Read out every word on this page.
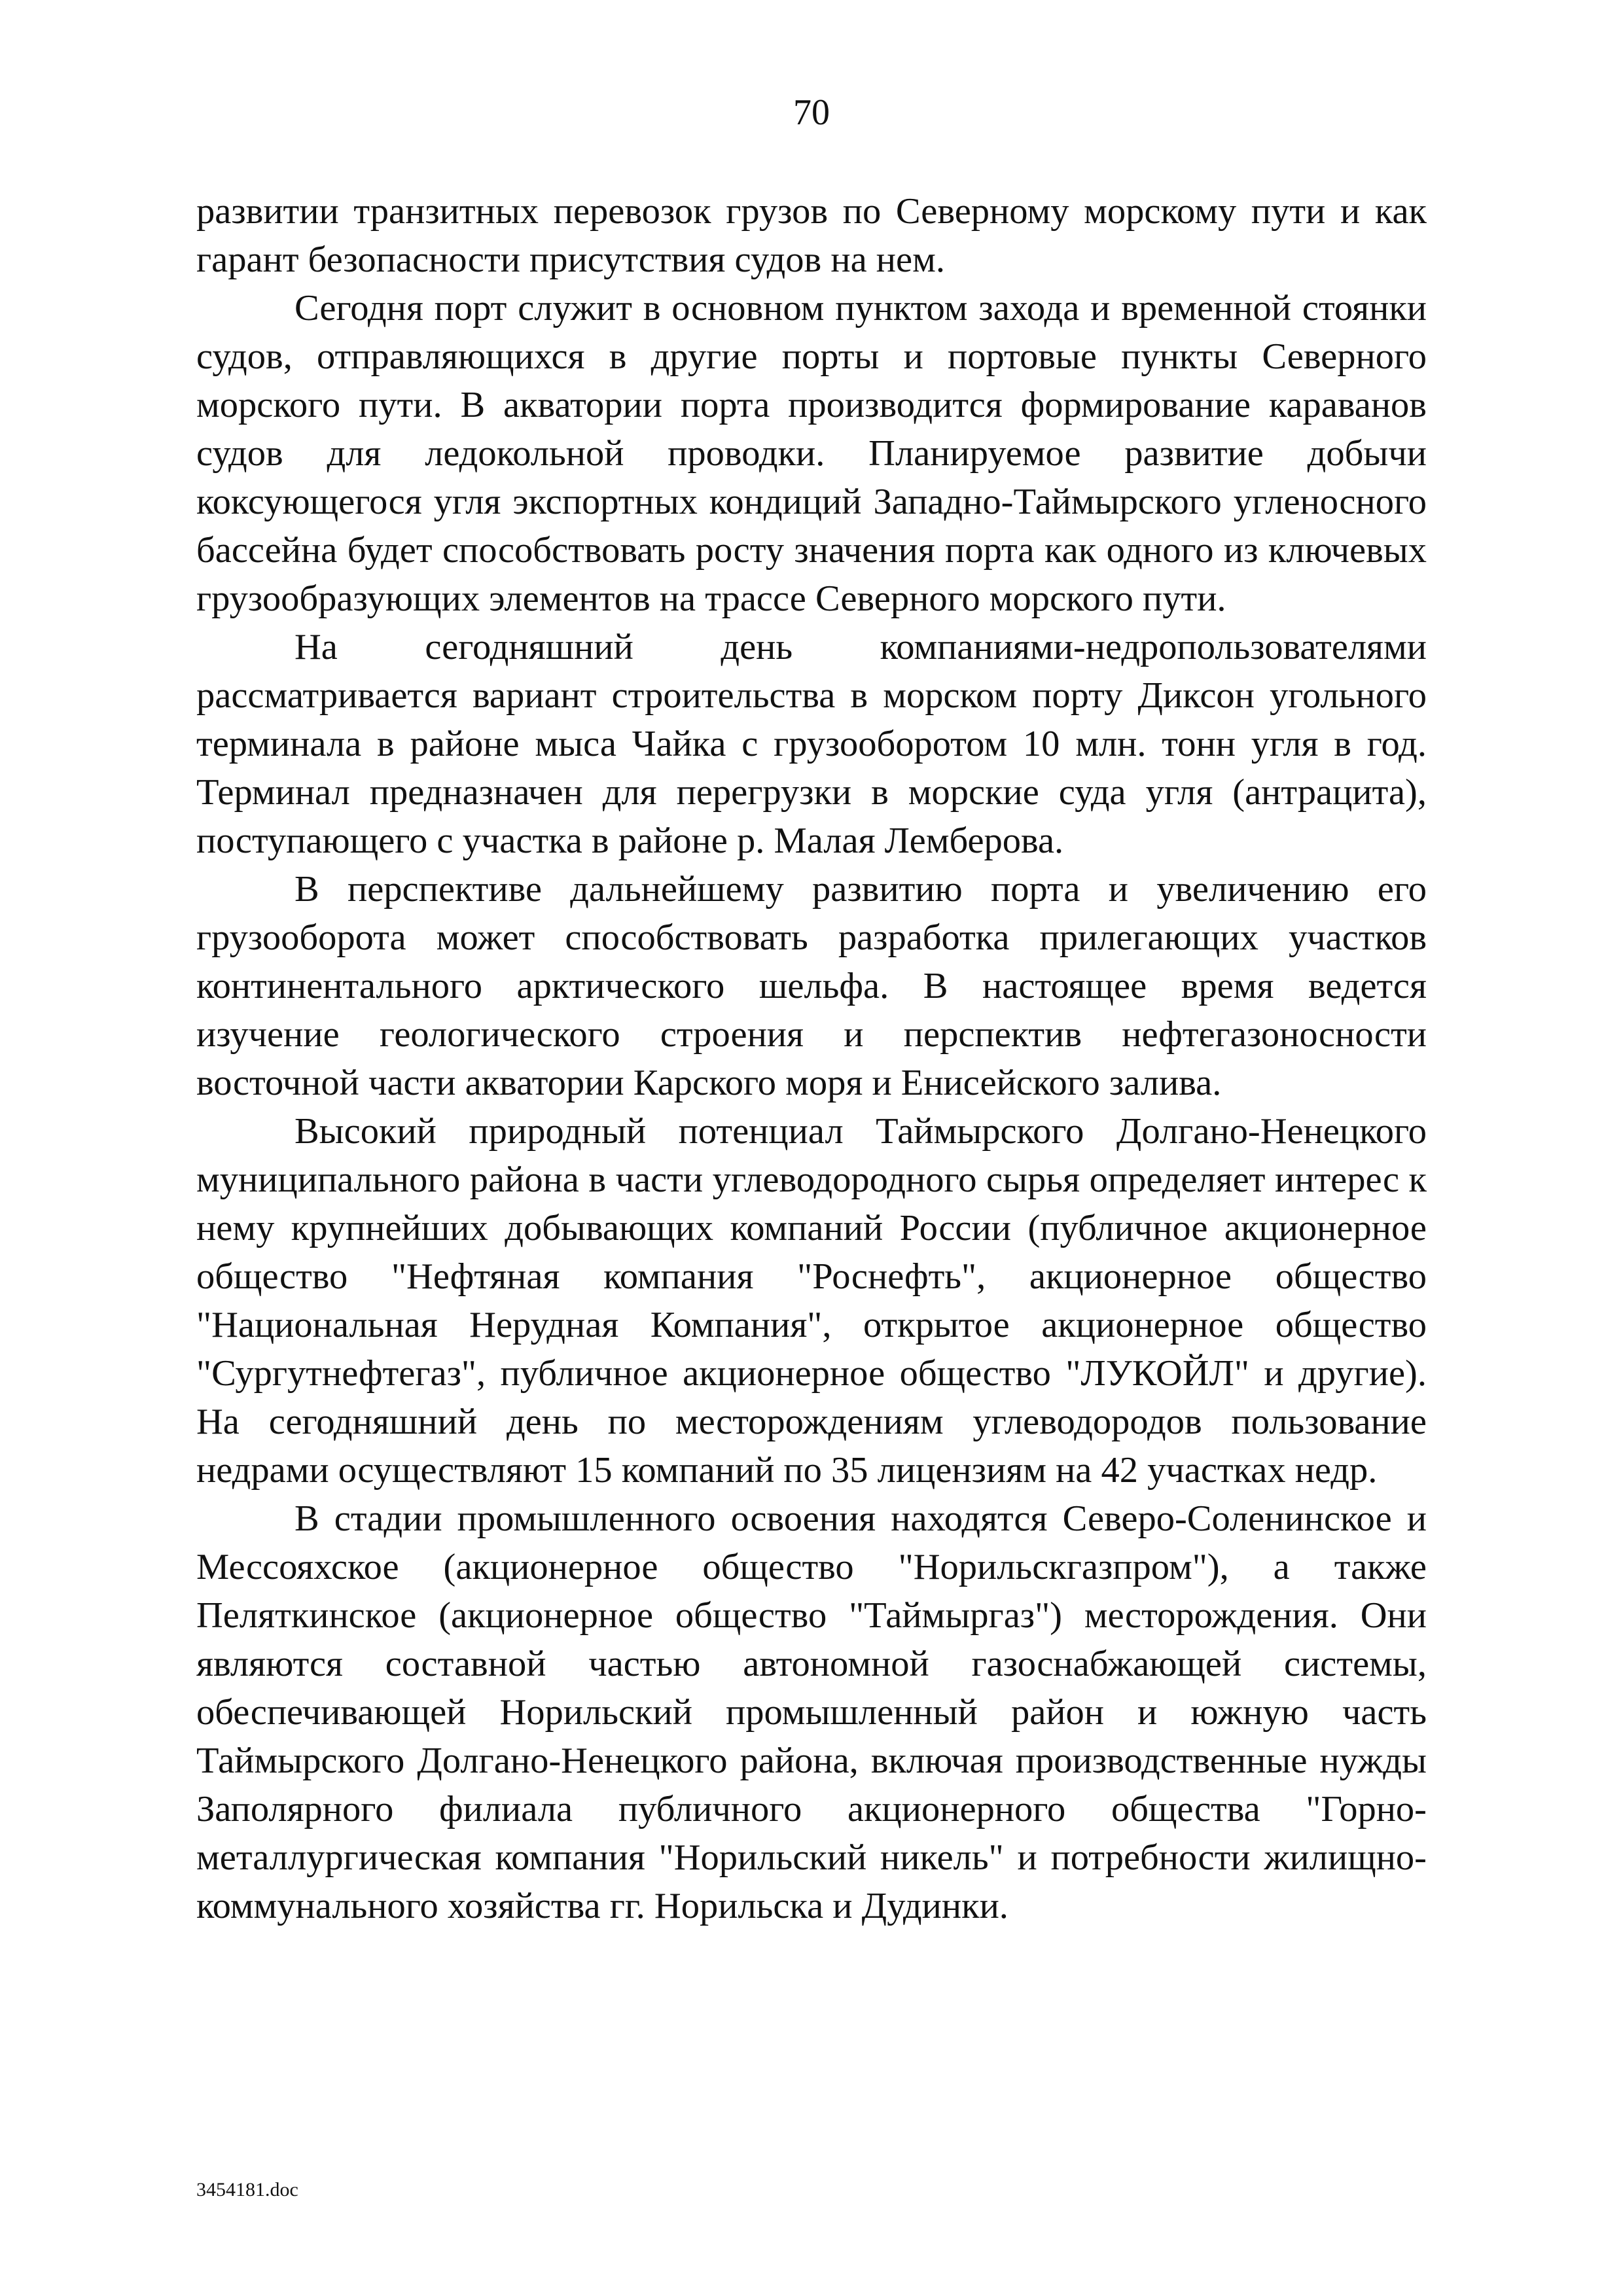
70

развитии транзитных перевозок грузов по Северному морскому пути и как гарант безопасности присутствия судов на нем.

Сегодня порт служит в основном пунктом захода и временной стоянки судов, отправляющихся в другие порты и портовые пункты Северного морского пути. В акватории порта производится формирование караванов судов для ледокольной проводки. Планируемое развитие добычи коксующегося угля экспортных кондиций Западно-Таймырского угленосного бассейна будет способствовать росту значения порта как одного из ключевых грузообразующих элементов на трассе Северного морского пути.

На сегодняшний день компаниями-недропользователями рассматривается вариант строительства в морском порту Диксон угольного терминала в районе мыса Чайка с грузооборотом 10 млн. тонн угля в год. Терминал предназначен для перегрузки в морские суда угля (антрацита), поступающего с участка в районе р. Малая Лемберова.

В перспективе дальнейшему развитию порта и увеличению его грузооборота может способствовать разработка прилегающих участков континентального арктического шельфа. В настоящее время ведется изучение геологического строения и перспектив нефтегазоносности восточной части акватории Карского моря и Енисейского залива.

Высокий природный потенциал Таймырского Долгано-Ненецкого муниципального района в части углеводородного сырья определяет интерес к нему крупнейших добывающих компаний России (публичное акционерное общество "Нефтяная компания "Роснефть", акционерное общество "Национальная Нерудная Компания", открытое акционерное общество "Сургутнефтегаз", публичное акционерное общество "ЛУКОЙЛ" и другие). На сегодняшний день по месторождениям углеводородов пользование недрами осуществляют 15 компаний по 35 лицензиям на 42 участках недр.

В стадии промышленного освоения находятся Северо-Соленинское и Мессояхское (акционерное общество "Норильскгазпром"), а также Пеляткинское (акционерное общество "Таймыргаз") месторождения. Они являются составной частью автономной газоснабжающей системы, обеспечивающей Норильский промышленный район и южную часть Таймырского Долгано-Ненецкого района, включая производственные нужды Заполярного филиала публичного акционерного общества "Горно-металлургическая компания "Норильский никель" и потребности жилищно-коммунального хозяйства гг. Норильска и Дудинки.

3454181.doc
